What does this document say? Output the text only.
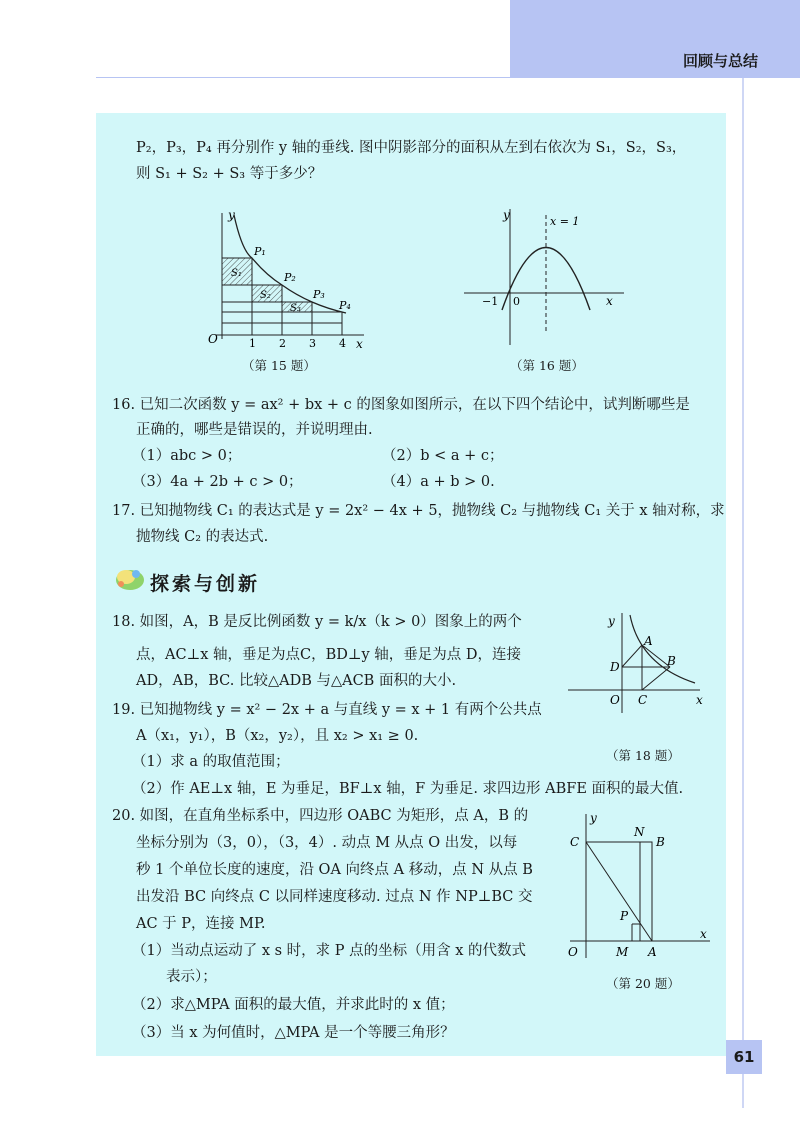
回顾与总结
P₂，P₃，P₄ 再分别作 y 轴的垂线. 图中阴影部分的面积从左到右依次为 S₁，S₂，S₃，
则 S₁ + S₂ + S₃ 等于多少？
y
O	x
1 2 3 4
P₁
P₂
P₃
P₄
S₁
S₂
S₃
（第 15 题）
y	x = 1
−1 0	x
（第 16 题）
16. 已知二次函数 y = ax² + bx + c 的图象如图所示，在以下四个结论中，试判断哪些是
正确的，哪些是错误的，并说明理由.
（1）abc > 0；	（2）b < a + c；
（3）4a + 2b + c > 0；	（4）a + b > 0.
17. 已知抛物线 C₁ 的表达式是 y = 2x² − 4x + 5，抛物线 C₂ 与抛物线 C₁ 关于 x 轴对称，求
抛物线 C₂ 的表达式.
探索与创新
18. 如图，A，B 是反比例函数 y = k/x（k > 0）图象上的两个
点，AC⊥x 轴，垂足为点C，BD⊥y 轴，垂足为点 D，连接
AD，AB，BC. 比较△ADB 与△ACB 面积的大小.
y
A
B
D
O C	x
（第 18 题）
19. 已知抛物线 y = x² − 2x + a 与直线 y = x + 1 有两个公共点
A（x₁，y₁），B（x₂，y₂），且 x₂ > x₁ ≥ 0.
（1）求 a 的取值范围；
（2）作 AE⊥x 轴，E 为垂足，BF⊥x 轴，F 为垂足. 求四边形 ABFE 面积的最大值.
20. 如图，在直角坐标系中，四边形 OABC 为矩形，点 A，B 的
坐标分别为（3，0），（3，4）. 动点 M 从点 O 出发，以每
秒 1 个单位长度的速度，沿 OA 向终点 A 移动，点 N 从点 B
出发沿 BC 向终点 C 以同样速度移动. 过点 N 作 NP⊥BC 交
AC 于 P，连接 MP.
（1）当动点运动了 x s 时，求 P 点的坐标（用含 x 的代数式
表示）；
（2）求△MPA 面积的最大值，并求此时的 x 值；
（3）当 x 为何值时，△MPA 是一个等腰三角形？
y
C
N
B
P
O	M A
x
（第 20 题）
61
